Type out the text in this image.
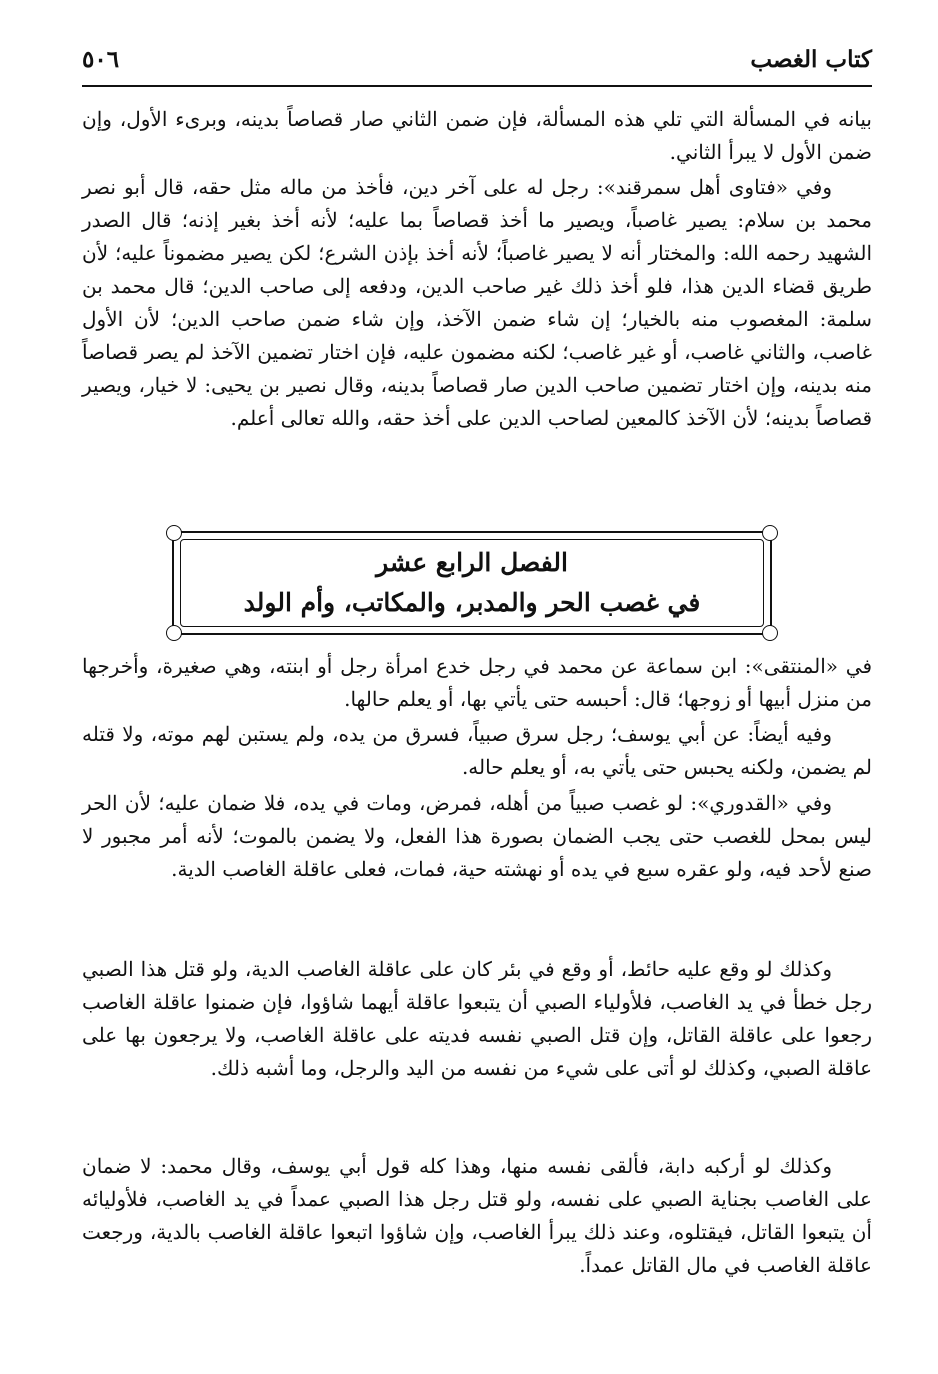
كتاب الغصب
٥٠٦

بيانه في المسألة التي تلي هذه المسألة، فإن ضمن الثاني صار قصاصاً بدينه، وبرىء الأول، وإن ضمن الأول لا يبرأ الثاني.

وفي «فتاوى أهل سمرقند»: رجل له على آخر دين، فأخذ من ماله مثل حقه، قال أبو نصر محمد بن سلام: يصير غاصباً، ويصير ما أخذ قصاصاً بما عليه؛ لأنه أخذ بغير إذنه؛ قال الصدر الشهيد رحمه الله: والمختار أنه لا يصير غاصباً؛ لأنه أخذ بإذن الشرع؛ لكن يصير مضموناً عليه؛ لأن طريق قضاء الدين هذا، فلو أخذ ذلك غير صاحب الدين، ودفعه إلى صاحب الدين؛ قال محمد بن سلمة: المغصوب منه بالخيار؛ إن شاء ضمن الآخذ، وإن شاء ضمن صاحب الدين؛ لأن الأول غاصب، والثاني غاصب، أو غير غاصب؛ لكنه مضمون عليه، فإن اختار تضمين الآخذ لم يصر قصاصاً منه بدينه، وإن اختار تضمين صاحب الدين صار قصاصاً بدينه، وقال نصير بن يحيى: لا خيار، ويصير قصاصاً بدينه؛ لأن الآخذ كالمعين لصاحب الدين على أخذ حقه، والله تعالى أعلم.

الفصل الرابع عشر
في غصب الحر والمدبر، والمكاتب، وأم الولد

في «المنتقى»: ابن سماعة عن محمد في رجل خدع امرأة رجل أو ابنته، وهي صغيرة، وأخرجها من منزل أبيها أو زوجها؛ قال: أحبسه حتى يأتي بها، أو يعلم حالها.

وفيه أيضاً: عن أبي يوسف؛ رجل سرق صبياً، فسرق من يده، ولم يستبن لهم موته، ولا قتله لم يضمن، ولكنه يحبس حتى يأتي به، أو يعلم حاله.

وفي «القدوري»: لو غصب صبياً من أهله، فمرض، ومات في يده، فلا ضمان عليه؛ لأن الحر ليس بمحل للغصب حتى يجب الضمان بصورة هذا الفعل، ولا يضمن بالموت؛ لأنه أمر مجبور لا صنع لأحد فيه، ولو عقره سبع في يده أو نهشته حية، فمات، فعلى عاقلة الغاصب الدية.

وكذلك لو وقع عليه حائط، أو وقع في بئر كان على عاقلة الغاصب الدية، ولو قتل هذا الصبي رجل خطأ في يد الغاصب، فلأولياء الصبي أن يتبعوا عاقلة أيهما شاؤوا، فإن ضمنوا عاقلة الغاصب رجعوا على عاقلة القاتل، وإن قتل الصبي نفسه فديته على عاقلة الغاصب، ولا يرجعون بها على عاقلة الصبي، وكذلك لو أتى على شيء من نفسه من اليد والرجل، وما أشبه ذلك.

وكذلك لو أركبه دابة، فألقى نفسه منها، وهذا كله قول أبي يوسف، وقال محمد: لا ضمان على الغاصب بجناية الصبي على نفسه، ولو قتل رجل هذا الصبي عمداً في يد الغاصب، فلأوليائه أن يتبعوا القاتل، فيقتلوه، وعند ذلك يبرأ الغاصب، وإن شاؤوا اتبعوا عاقلة الغاصب بالدية، ورجعت عاقلة الغاصب في مال القاتل عمداً.
